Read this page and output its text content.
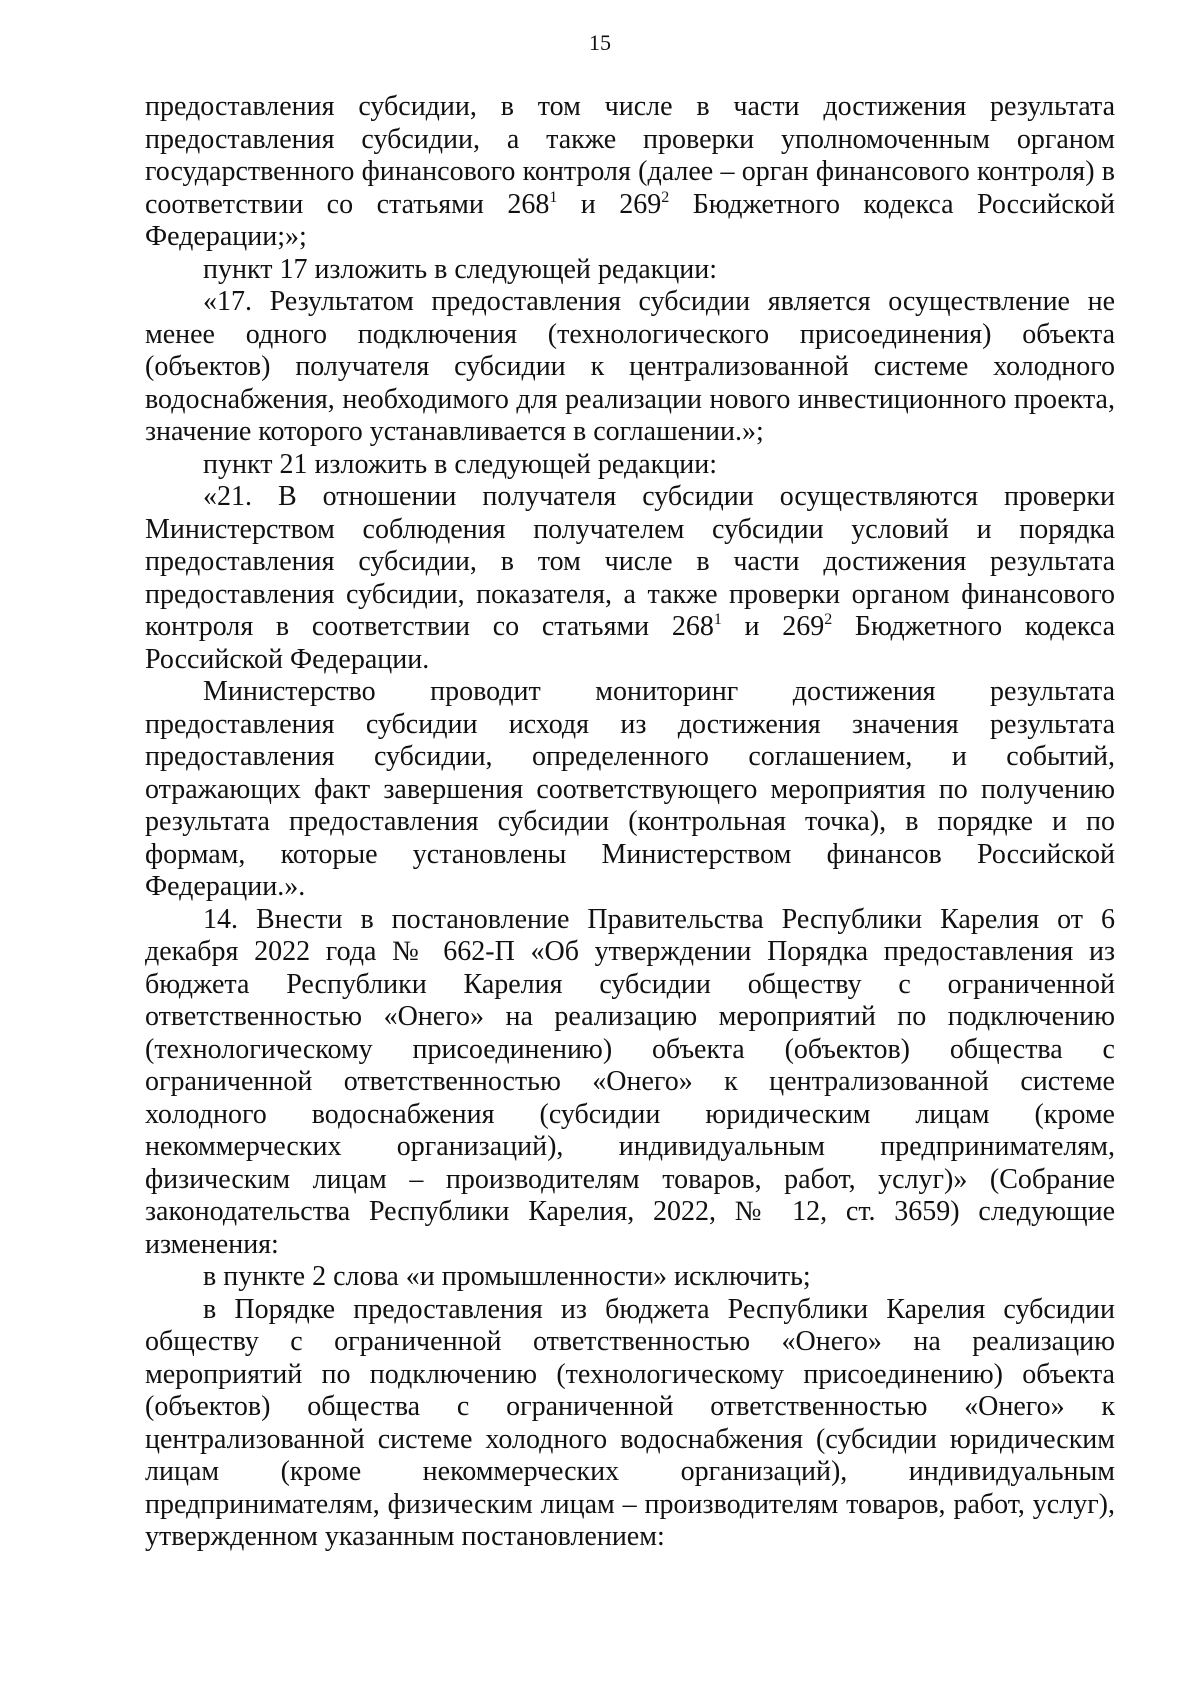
15

предоставления субсидии, в том числе в части достижения результата предоставления субсидии, а также проверки уполномоченным органом государственного финансового контроля (далее – орган финансового контроля) в соответствии со статьями $268^1$ и $269^2$ Бюджетного кодекса Российской Федерации;»;

пункт 17 изложить в следующей редакции:

«17. Результатом предоставления субсидии является осуществление не менее одного подключения (технологического присоединения) объекта (объектов) получателя субсидии к централизованной системе холодного водоснабжения, необходимого для реализации нового инвестиционного проекта, значение которого устанавливается в соглашении.»;

пункт 21 изложить в следующей редакции:

«21. В отношении получателя субсидии осуществляются проверки Министерством соблюдения получателем субсидии условий и порядка предоставления субсидии, в том числе в части достижения результата предоставления субсидии, показателя, а также проверки органом финансового контроля в соответствии со статьями $268^1$ и $269^2$ Бюджетного кодекса Российской Федерации.

Министерство проводит мониторинг достижения результата предоставления субсидии исходя из достижения значения результата предоставления субсидии, определенного соглашением, и событий, отражающих факт завершения соответствующего мероприятия по получению результата предоставления субсидии (контрольная точка), в порядке и по формам, которые установлены Министерством финансов Российской Федерации.».

14. Внести в постановление Правительства Республики Карелия от 6 декабря 2022 года № 662-П «Об утверждении Порядка предоставления из бюджета Республики Карелия субсидии обществу с ограниченной ответственностью «Онего» на реализацию мероприятий по подключению (технологическому присоединению) объекта (объектов) общества с ограниченной ответственностью «Онего» к централизованной системе холодного водоснабжения (субсидии юридическим лицам (кроме некоммерческих организаций), индивидуальным предпринимателям, физическим лицам – производителям товаров, работ, услуг)» (Собрание законодательства Республики Карелия, 2022, № 12, ст. 3659) следующие изменения:

в пункте 2 слова «и промышленности» исключить;

в Порядке предоставления из бюджета Республики Карелия субсидии обществу с ограниченной ответственностью «Онего» на реализацию мероприятий по подключению (технологическому присоединению) объекта (объектов) общества с ограниченной ответственностью «Онего» к централизованной системе холодного водоснабжения (субсидии юридическим лицам (кроме некоммерческих организаций), индивидуальным предпринимателям, физическим лицам – производителям товаров, работ, услуг), утвержденном указанным постановлением:
